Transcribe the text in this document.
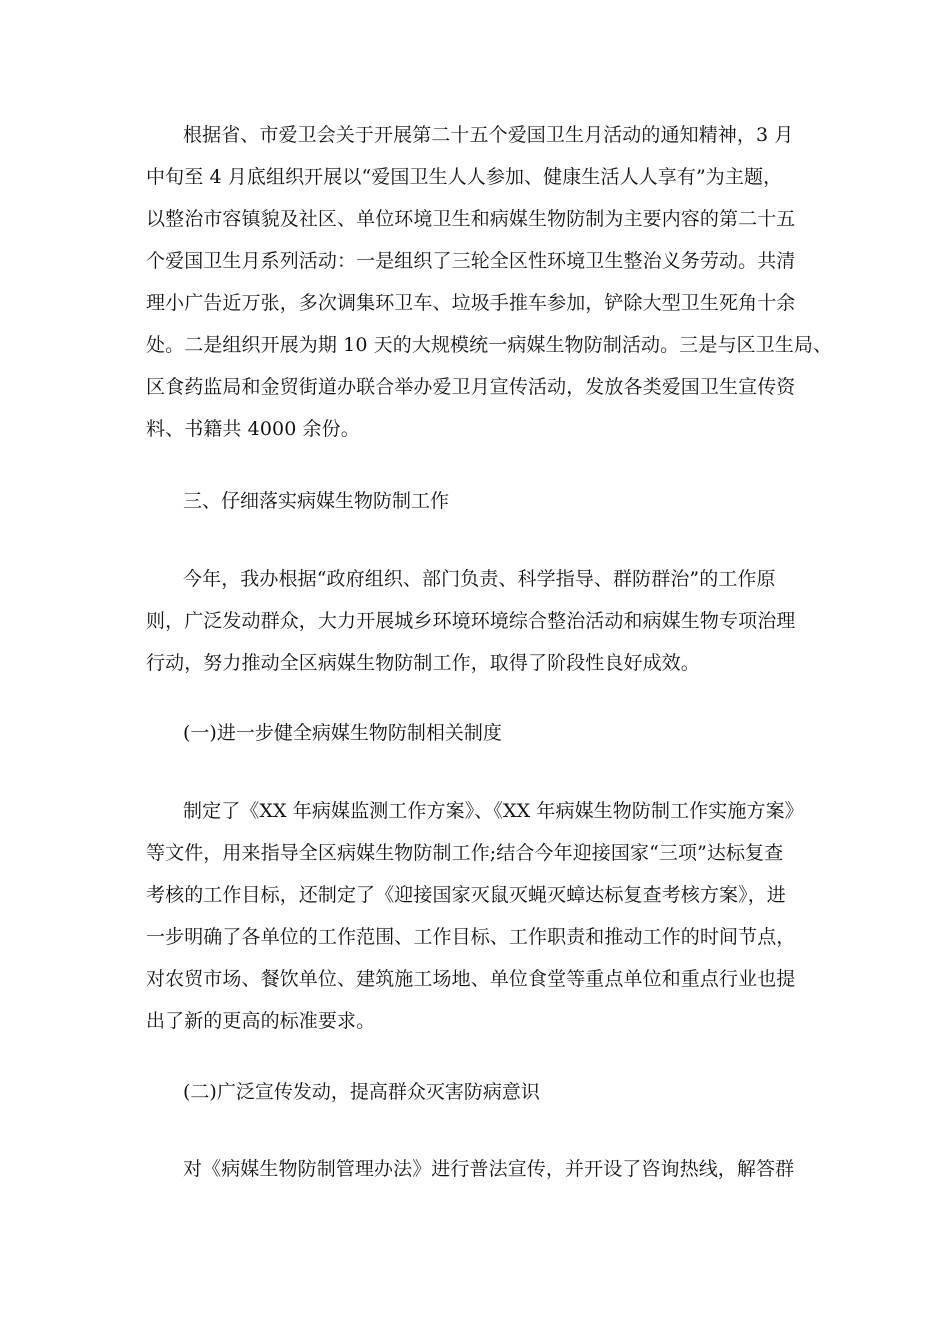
根据省、市爱卫会关于开展第二十五个爱国卫生月活动的通知精神，3 月
中旬至 4 月底组织开展以“爱国卫生人人参加、健康生活人人享有”为主题，
以整治市容镇貌及社区、单位环境卫生和病媒生物防制为主要内容的第二十五
个爱国卫生月系列活动：一是组织了三轮全区性环境卫生整治义务劳动。共清
理小广告近万张，多次调集环卫车、垃圾手推车参加，铲除大型卫生死角十余
处。二是组织开展为期 10 天的大规模统一病媒生物防制活动。三是与区卫生局、
区食药监局和金贸街道办联合举办爱卫月宣传活动，发放各类爱国卫生宣传资
料、书籍共 4000 余份。
三、仔细落实病媒生物防制工作
今年，我办根据“政府组织、部门负责、科学指导、群防群治”的工作原
则，广泛发动群众，大力开展城乡环境环境综合整治活动和病媒生物专项治理
行动，努力推动全区病媒生物防制工作，取得了阶段性良好成效。
(一)进一步健全病媒生物防制相关制度
制定了《XX 年病媒监测工作方案》、《XX 年病媒生物防制工作实施方案》
等文件，用来指导全区病媒生物防制工作;结合今年迎接国家“三项”达标复查
考核的工作目标，还制定了《迎接国家灭鼠灭蝇灭蟑达标复查考核方案》，进
一步明确了各单位的工作范围、工作目标、工作职责和推动工作的时间节点，
对农贸市场、餐饮单位、建筑施工场地、单位食堂等重点单位和重点行业也提
出了新的更高的标准要求。
(二)广泛宣传发动，提高群众灭害防病意识
对《病媒生物防制管理办法》进行普法宣传，并开设了咨询热线，解答群
